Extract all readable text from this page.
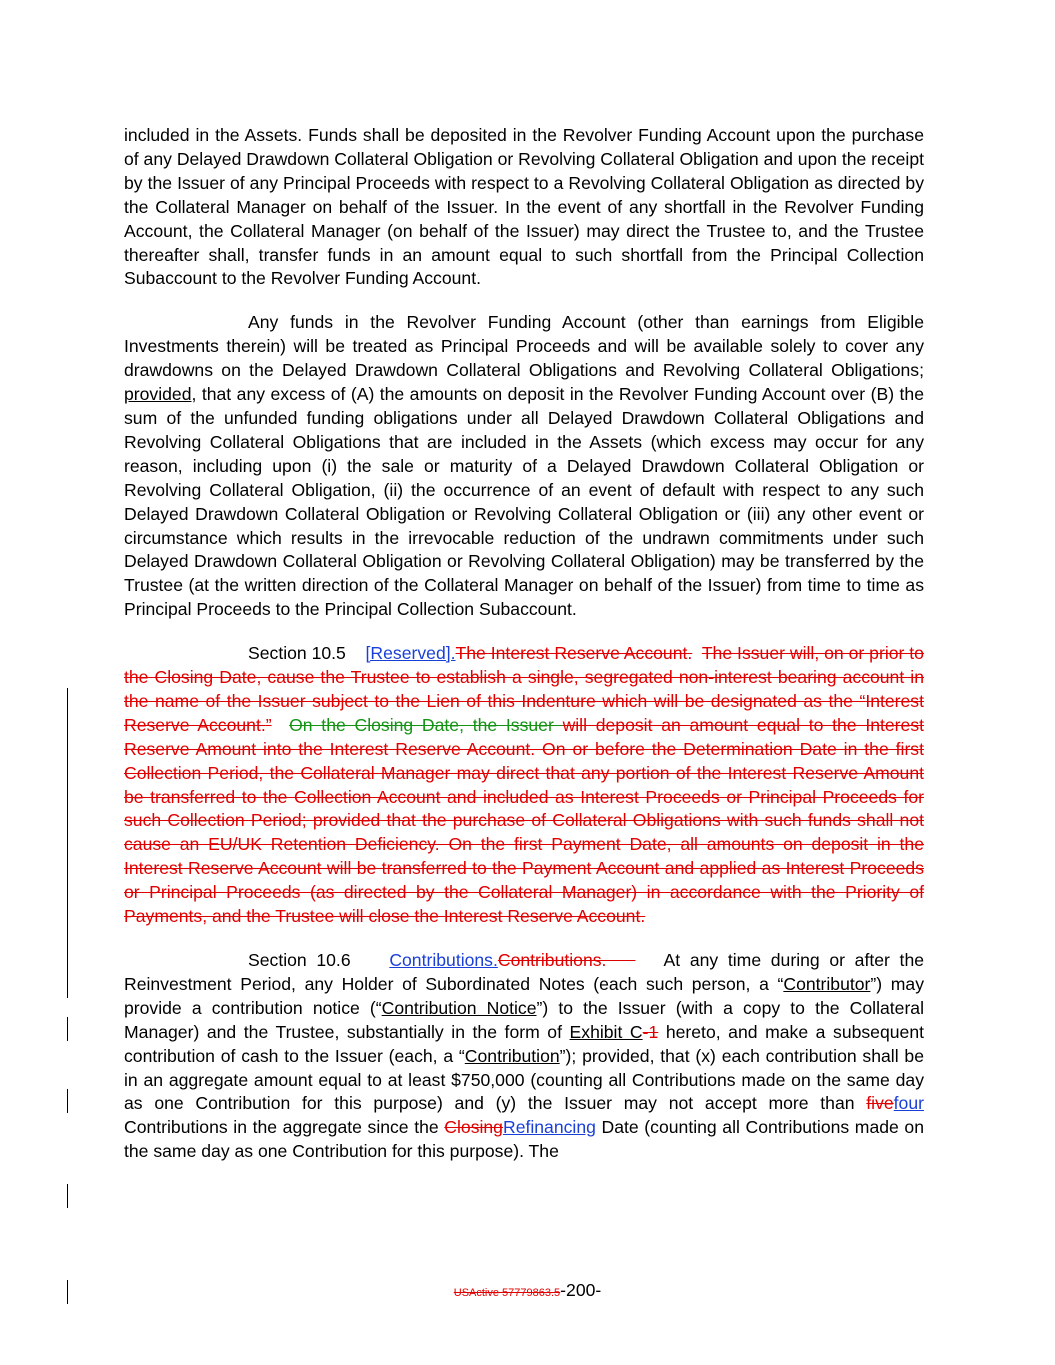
included in the Assets. Funds shall be deposited in the Revolver Funding Account upon the purchase of any Delayed Drawdown Collateral Obligation or Revolving Collateral Obligation and upon the receipt by the Issuer of any Principal Proceeds with respect to a Revolving Collateral Obligation as directed by the Collateral Manager on behalf of the Issuer. In the event of any shortfall in the Revolver Funding Account, the Collateral Manager (on behalf of the Issuer) may direct the Trustee to, and the Trustee thereafter shall, transfer funds in an amount equal to such shortfall from the Principal Collection Subaccount to the Revolver Funding Account.

Any funds in the Revolver Funding Account (other than earnings from Eligible Investments therein) will be treated as Principal Proceeds and will be available solely to cover any drawdowns on the Delayed Drawdown Collateral Obligations and Revolving Collateral Obligations; provided, that any excess of (A) the amounts on deposit in the Revolver Funding Account over (B) the sum of the unfunded funding obligations under all Delayed Drawdown Collateral Obligations and Revolving Collateral Obligations that are included in the Assets (which excess may occur for any reason, including upon (i) the sale or maturity of a Delayed Drawdown Collateral Obligation or Revolving Collateral Obligation, (ii) the occurrence of an event of default with respect to any such Delayed Drawdown Collateral Obligation or Revolving Collateral Obligation or (iii) any other event or circumstance which results in the irrevocable reduction of the undrawn commitments under such Delayed Drawdown Collateral Obligation or Revolving Collateral Obligation) may be transferred by the Trustee (at the written direction of the Collateral Manager on behalf of the Issuer) from time to time as Principal Proceeds to the Principal Collection Subaccount.

Section 10.5 [Reserved].The Interest Reserve Account. The Issuer will, on or prior to the Closing Date, cause the Trustee to establish a single, segregated non-interest bearing account in the name of the Issuer subject to the Lien of this Indenture which will be designated as the “Interest Reserve Account.” On the Closing Date, the Issuer will deposit an amount equal to the Interest Reserve Amount into the Interest Reserve Account. On or before the Determination Date in the first Collection Period, the Collateral Manager may direct that any portion of the Interest Reserve Amount be transferred to the Collection Account and included as Interest Proceeds or Principal Proceeds for such Collection Period; provided that the purchase of Collateral Obligations with such funds shall not cause an EU/UK Retention Deficiency. On the first Payment Date, all amounts on deposit in the Interest Reserve Account will be transferred to the Payment Account and applied as Interest Proceeds or Principal Proceeds (as directed by the Collateral Manager) in accordance with the Priority of Payments, and the Trustee will close the Interest Reserve Account.

Section 10.6 Contributions.Contributions.	At any time during or after the Reinvestment Period, any Holder of Subordinated Notes (each such person, a “Contributor”) may provide a contribution notice (“Contribution Notice”) to the Issuer (with a copy to the Collateral Manager) and the Trustee, substantially in the form of Exhibit C-1 hereto, and make a subsequent contribution of cash to the Issuer (each, a “Contribution”); provided, that (x) each contribution shall be in an aggregate amount equal to at least $750,000 (counting all Contributions made on the same day as one Contribution for this purpose) and (y) the Issuer may not accept more than fivefour Contributions in the aggregate since the ClosingRefinancing Date (counting all Contributions made on the same day as one Contribution for this purpose). The

USActive 57779863.5-200-
